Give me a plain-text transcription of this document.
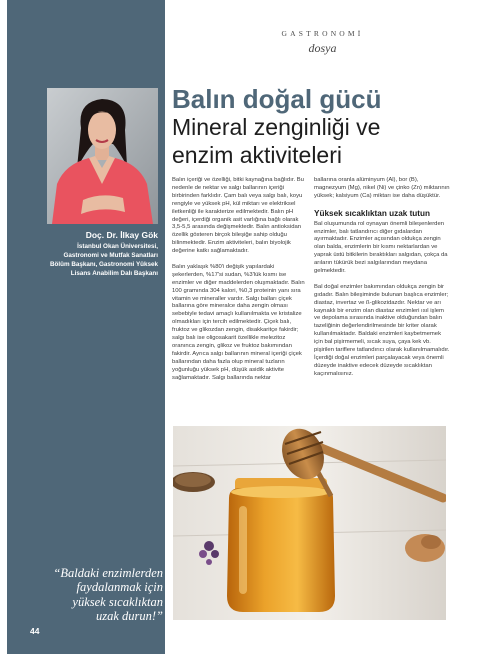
Doç. Dr. İlkay Gök
İstanbul Okan Üniversitesi,
Gastronomi ve Mutfak Sanatları
Bölüm Başkanı, Gastronomi Yüksek
Lisans Anabilim Dalı Başkanı
“Baldaki enzimlerden
faydalanmak için
yüksek sıcaklıktan
uzak durun!”
44
GASTRONOMİ
dosya
Balın doğal gücü
Mineral zenginliği ve
enzim aktiviteleri

Balın içeriği ve özelliği, bitki kaynağına bağlıdır. Bu nedenle de nektar ve salgı ballarının içeriği birbirinden farklıdır. Çam balı veya salgı balı, koyu rengiyle ve yüksek pH, kül miktarı ve elektriksel iletkenliği ile karakterize edilmektedir. Balın pH değeri, içerdiği organik asit varlığına bağlı olarak 3,5-5,5 arasında değişmektedir. Balın antioksidan özellik gösteren birçok bileşiğe sahip olduğu bilinmektedir. Enzim aktiviteleri, balın biyolojik değerine katkı sağlamaktadır.

Balın yaklaşık %80'i değişik yapılardaki şekerlerden, %17'si sudan, %3'lük kısmı ise enzimler ve diğer maddelerden oluşmaktadır. Balın 100 gramında 304 kalori, %0,3 proteinin yanı sıra vitamin ve mineraller vardır. Salgı balları çiçek ballarına göre mineralce daha zengin olması sebebiyle tedavi amaçlı kullanılmakta ve kristalize olmadıkları için tercih edilmektedir. Çiçek balı, fruktoz ve glikozdan zengin, disakkaritçe fakirdir; salgı balı ise oligosakarit özellikle melezitoz oranınca zengin, glikoz ve fruktoz bakımından fakirdir. Ayrıca salgı ballarının mineral içeriği çiçek ballarından daha fazla olup mineral tuzların yoğunluğu yüksek pH, düşük asidik aktivite sağlamaktadır. Salgı ballarında nektar

ballarına oranla alüminyum (Al), bor (B), magnezyum (Mg), nikel (Ni) ve çinko (Zn) miktarının yüksek; kalsiyum (Ca) miktarı ise daha düşüktür.

Yüksek sıcaklıktan uzak tutun

Bal oluşumunda rol oynayan önemli bileşenlerden enzimler, balı tatlandırıcı diğer gıdalardan ayırmaktadır. Enzimler açısından oldukça zengin olan balda, enzimlerin bir kısmı nektarlardan ve yaprak üstü bitkilerin bıraktıkları salgıdan, çokça da arıların tükürük bezi salgılarından meydana gelmektedir.

Bal doğal enzimler bakımından oldukça zengin bir gıdadır. Balın bileşiminde bulunan başlıca enzimler; diastaz, invertaz ve ß-glikozidazdır. Nektar ve arı kaynaklı bir enzim olan diastaz enzimleri ısıl işlem ve depolama sırasında inaktive olduğundan balın tazeliğinin değerlendirilmesinde bir kriter olarak kullanılmaktadır. Baldaki enzimleri kaybetmemek için bal pişirmemeli, sıcak suya, çaya kek vb. pişirilen tariflere tatlandırıcı olarak kullanılmamalıdır. İçerdiği doğal enzimleri parçalayacak veya önemli düzeyde inaktive edecek düzeyde sıcaklıktan kaçınmalısınız.
